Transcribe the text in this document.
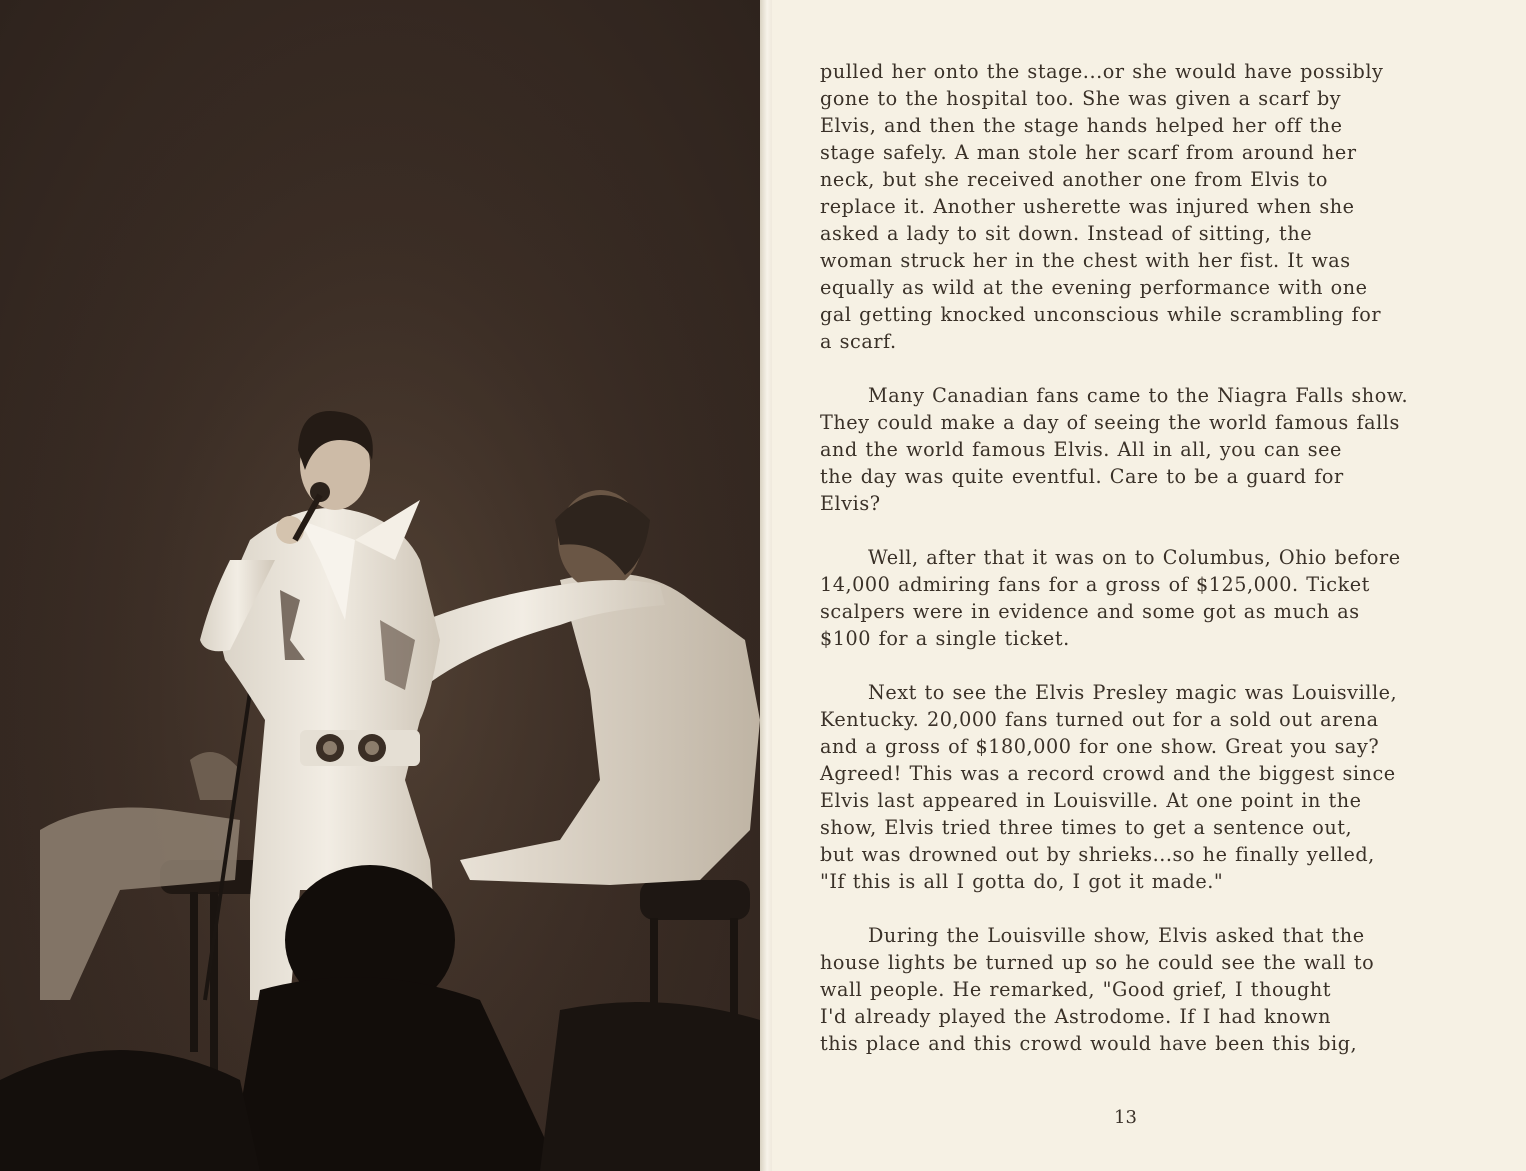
pulled her onto the stage...or she would have possibly
gone to the hospital too. She was given a scarf by
Elvis, and then the stage hands helped her off the
stage safely. A man stole her scarf from around her
neck, but she received another one from Elvis to
replace it. Another usherette was injured when she
asked a lady to sit down. Instead of sitting, the
woman struck her in the chest with her fist. It was
equally as wild at the evening performance with one
gal getting knocked unconscious while scrambling for
a scarf.
Many Canadian fans came to the Niagra Falls show.
They could make a day of seeing the world famous falls
and the world famous Elvis. All in all, you can see
the day was quite eventful. Care to be a guard for
Elvis?
Well, after that it was on to Columbus, Ohio before
14,000 admiring fans for a gross of $125,000. Ticket
scalpers were in evidence and some got as much as
$100 for a single ticket.
Next to see the Elvis Presley magic was Louisville,
Kentucky. 20,000 fans turned out for a sold out arena
and a gross of $180,000 for one show. Great you say?
Agreed! This was a record crowd and the biggest since
Elvis last appeared in Louisville. At one point in the
show, Elvis tried three times to get a sentence out,
but was drowned out by shrieks...so he finally yelled,
"If this is all I gotta do, I got it made."
During the Louisville show, Elvis asked that the
house lights be turned up so he could see the wall to
wall people. He remarked, "Good grief, I thought
I'd already played the Astrodome. If I had known
this place and this crowd would have been this big,
13
